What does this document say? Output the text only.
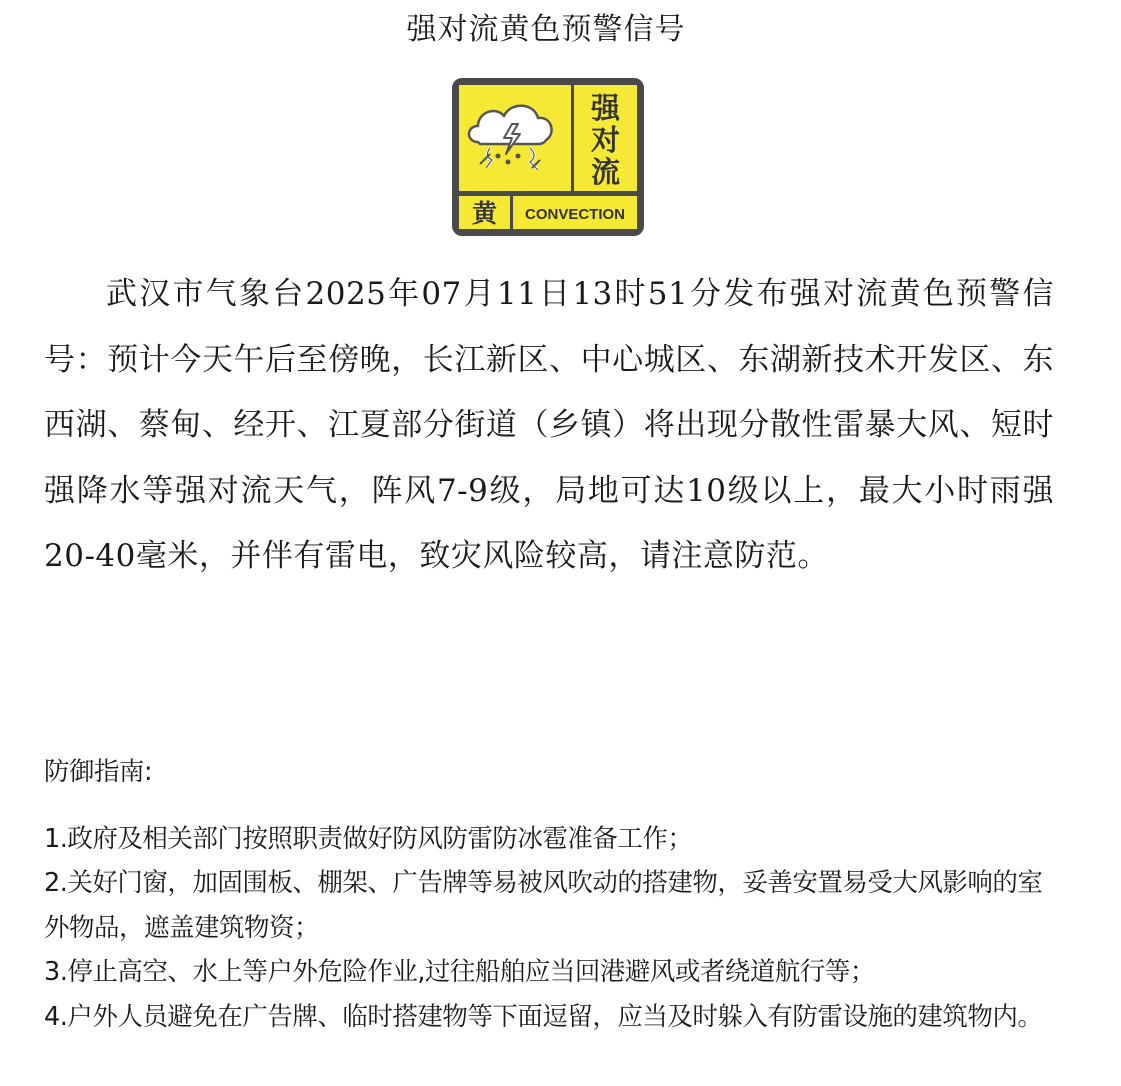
强对流黄色预警信号
强
对
流
黄 CONVECTION

武汉市气象台2025年07月11日13时51分发布强对流黄色预警信号：预计今天午后至傍晚，长江新区、中心城区、东湖新技术开发区、东西湖、蔡甸、经开、江夏部分街道（乡镇）将出现分散性雷暴大风、短时强降水等强对流天气，阵风7-9级，局地可达10级以上，最大小时雨强20-40毫米，并伴有雷电，致灾风险较高，请注意防范。

防御指南:

1.政府及相关部门按照职责做好防风防雷防冰雹准备工作；

2.关好门窗，加固围板、棚架、广告牌等易被风吹动的搭建物，妥善安置易受大风影响的室外物品，遮盖建筑物资；

3.停止高空、水上等户外危险作业,过往船舶应当回港避风或者绕道航行等；

4.户外人员避免在广告牌、临时搭建物等下面逗留，应当及时躲入有防雷设施的建筑物内。
